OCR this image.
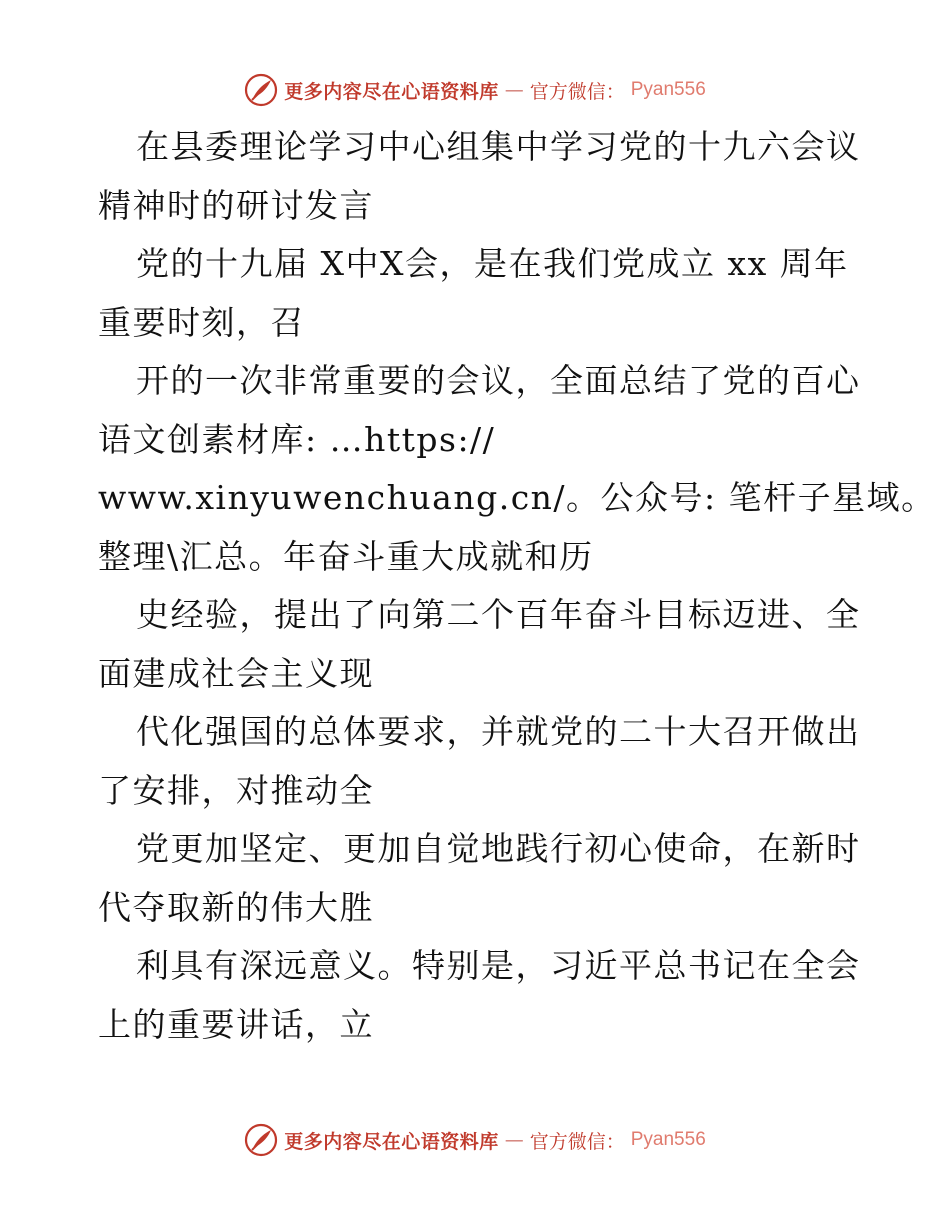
更多内容尽在心语资料库 — 官方微信： Pyan556
在县委理论学习中心组集中学习党的十九六会议
精神时的研讨发言
党的十九届 X中X会，是在我们党成立 xx 周年
重要时刻，召
开的一次非常重要的会议，全面总结了党的百心
语文创素材库: …https://
www.xinyuwenchuang.cn/。公众号: 笔杆子星域。
整理\汇总。年奋斗重大成就和历
史经验，提出了向第二个百年奋斗目标迈进、全
面建成社会主义现
代化强国的总体要求，并就党的二十大召开做出
了安排，对推动全
党更加坚定、更加自觉地践行初心使命，在新时
代夺取新的伟大胜
利具有深远意义。特别是，习近平总书记在全会
上的重要讲话，立
更多内容尽在心语资料库 — 官方微信： Pyan556
